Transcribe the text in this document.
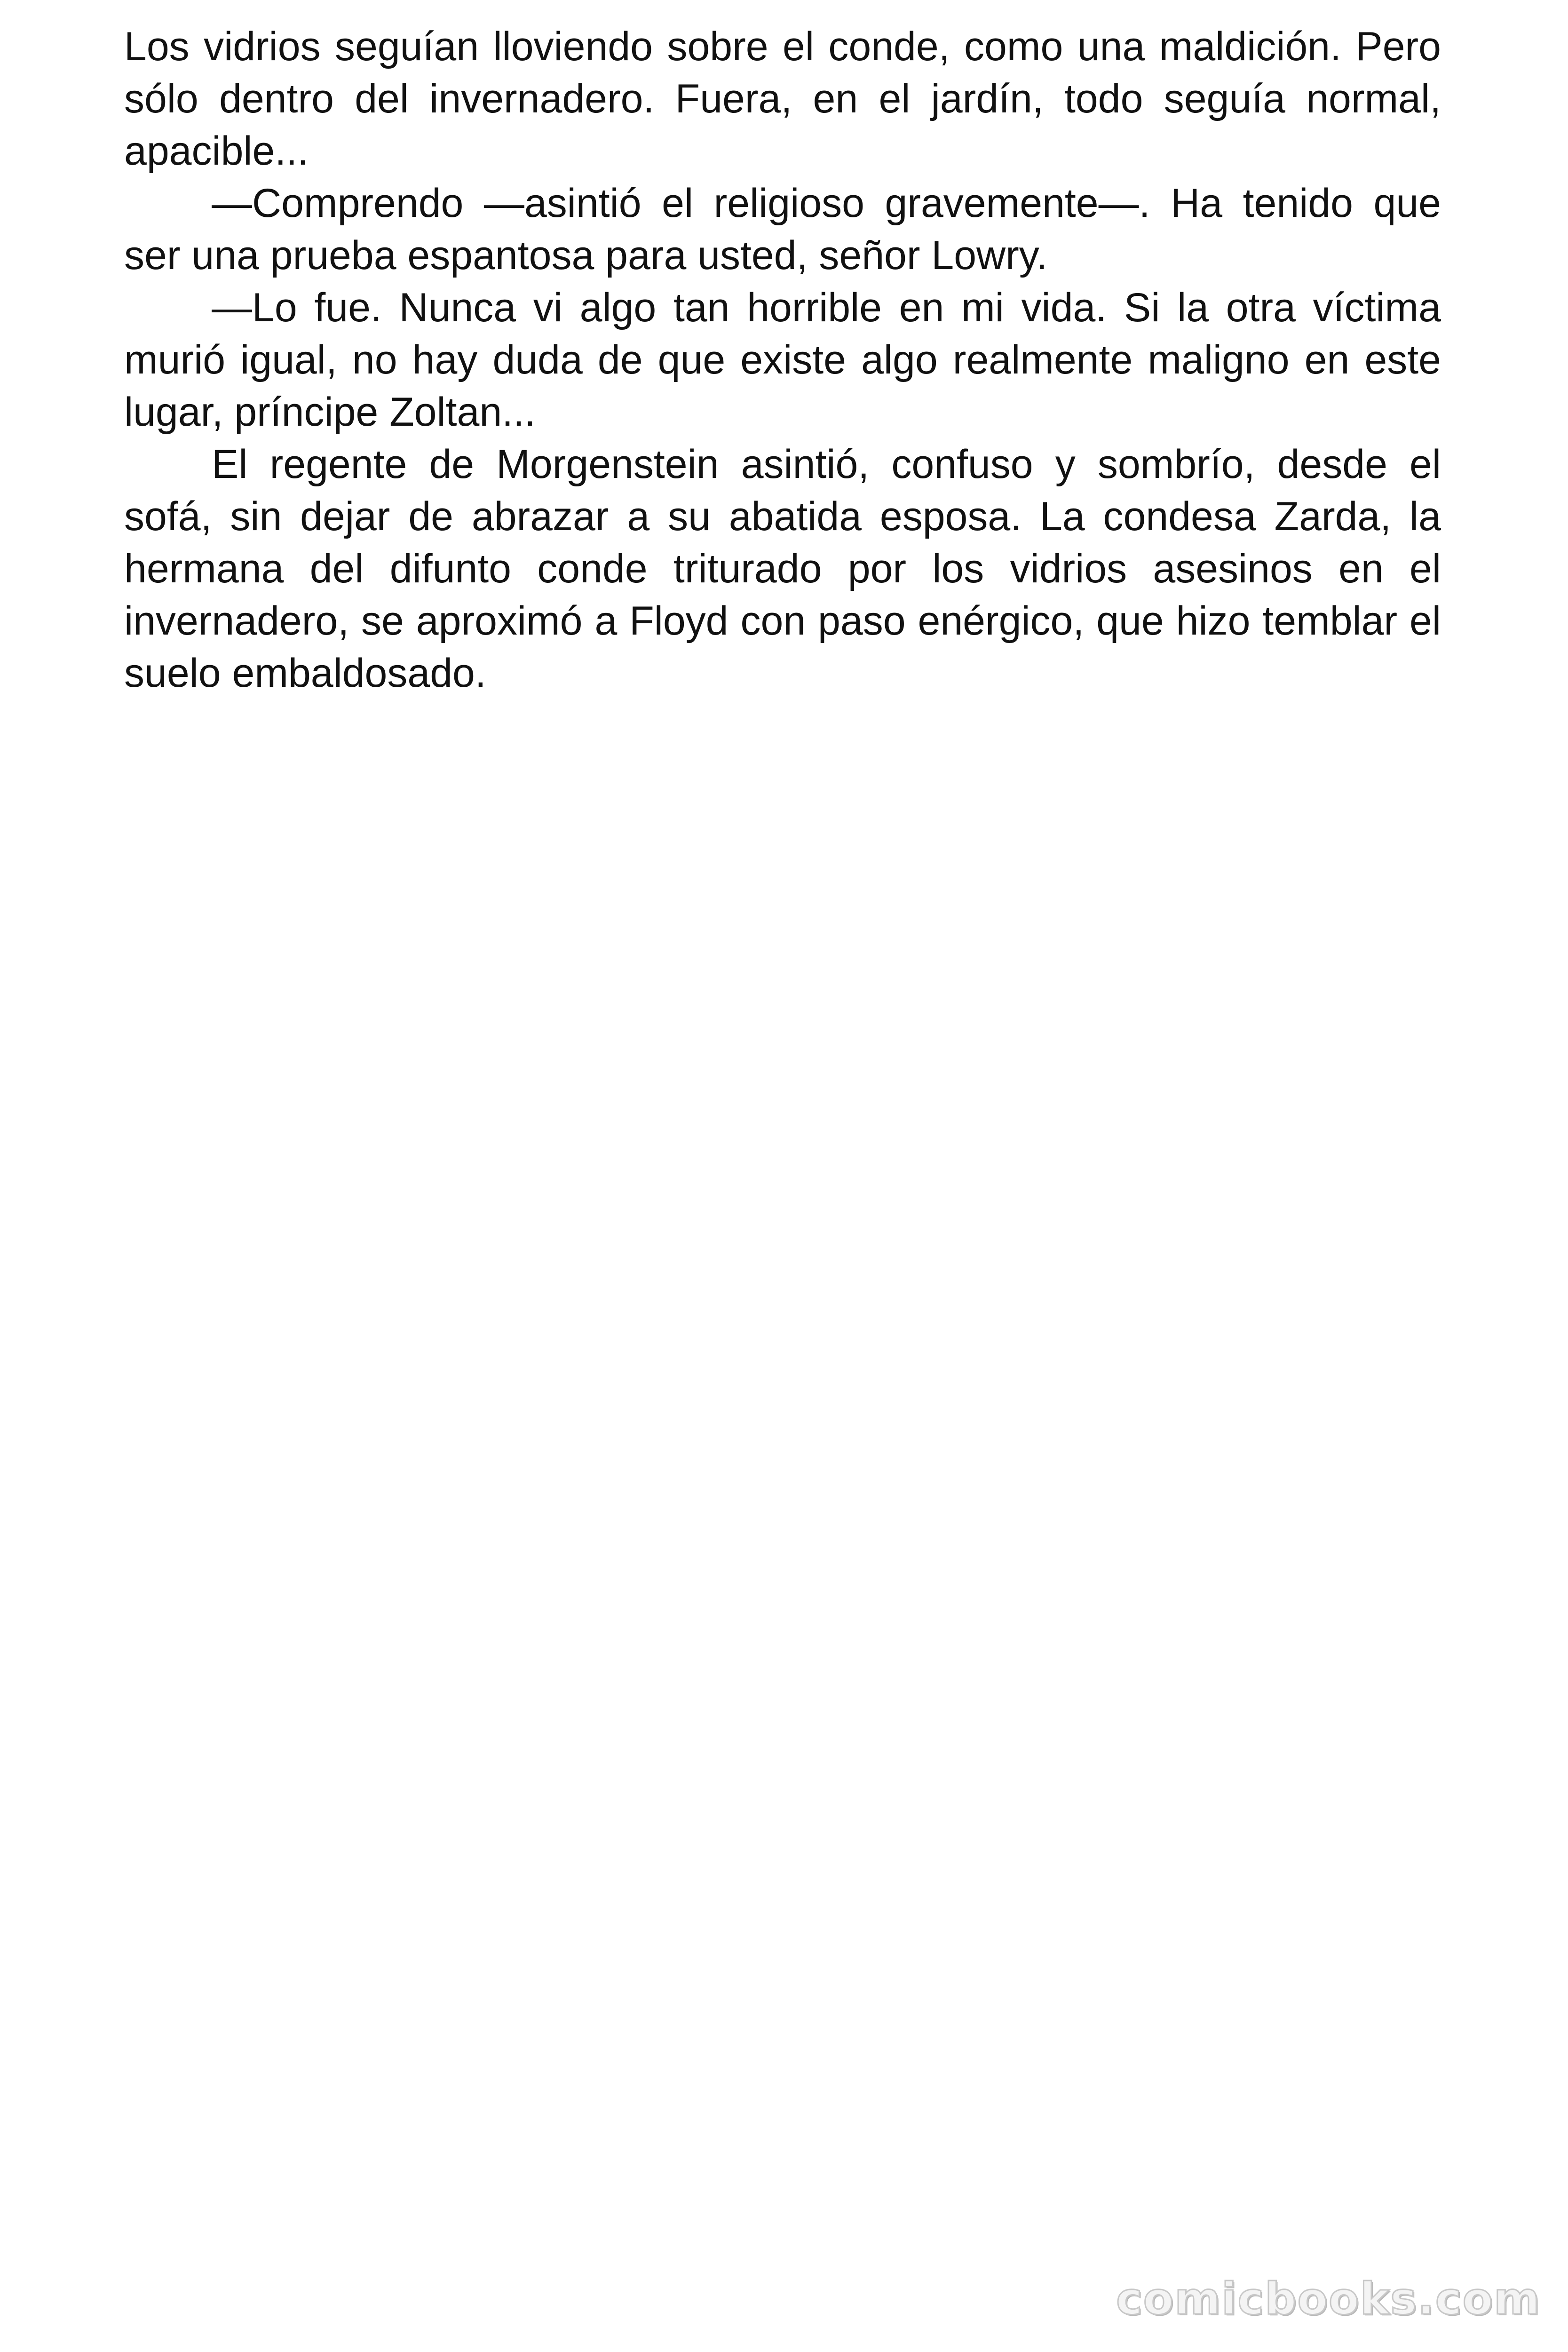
Los vidrios seguían lloviendo sobre el conde, como una maldición. Pero sólo dentro del invernadero. Fuera, en el jardín, todo seguía normal, apacible...

—Comprendo —asintió el religioso gravemente—. Ha tenido que ser una prueba espantosa para usted, señor Lowry.

—Lo fue. Nunca vi algo tan horrible en mi vida. Si la otra víctima murió igual, no hay duda de que existe algo realmente maligno en este lugar, príncipe Zoltan...

El regente de Morgenstein asintió, confuso y sombrío, desde el sofá, sin dejar de abrazar a su abatida esposa. La condesa Zarda, la hermana del difunto conde triturado por los vidrios asesinos en el invernadero, se aproximó a Floyd con paso enérgico, que hizo temblar el suelo embaldosado.

comicbooks.com
